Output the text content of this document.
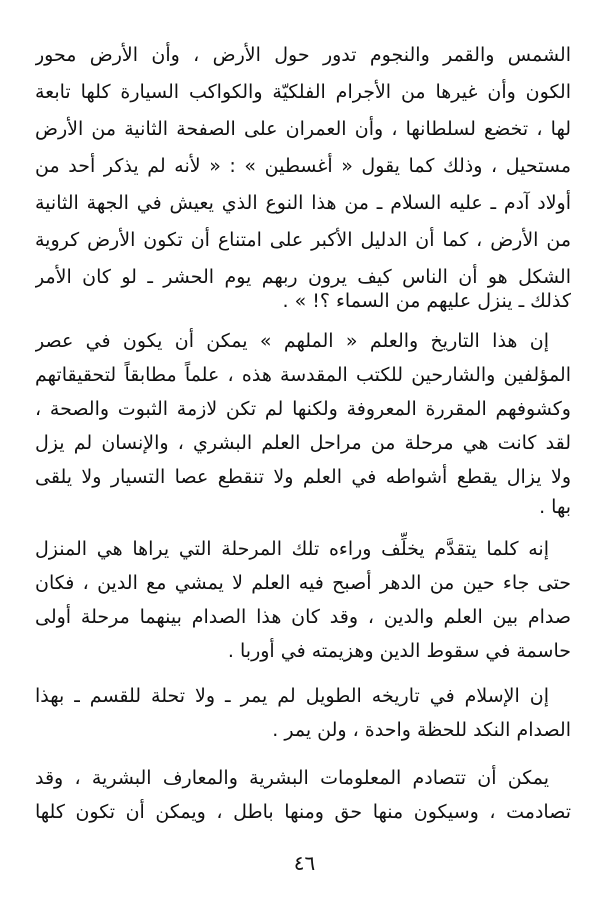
الشمس والقمر والنجوم تدور حول الأرض ، وأن الأرض محور
الكون وأن غيرها من الأجرام الفلكيّة والكواكب السيارة كلها تابعة
لها ، تخضع لسلطانها ، وأن العمران على الصفحة الثانية من الأرض
مستحيل ، وذلك كما يقول « أغسطين » : « لأنه لم يذكر أحد من
أولاد آدم ـ عليه السلام ـ من هذا النوع الذي يعيش في الجهة الثانية
من الأرض ، كما أن الدليل الأكبر على امتناع أن تكون الأرض كروية
الشكل هو أن الناس كيف يرون ربهم يوم الحشر ـ لو كان الأمر
كذلك ـ ينزل عليهم من السماء ؟! » .
إن هذا التاريخ والعلم « الملهم » يمكن أن يكون في عصر
المؤلفين والشارحين للكتب المقدسة هذه ، علماً مطابقاً لتحقيقاتهم
وكشوفهم المقررة المعروفة ولكنها لم تكن لازمة الثبوت والصحة ،
لقد كانت هي مرحلة من مراحل العلم البشري ، والإنسان لم يزل
ولا يزال يقطع أشواطه في العلم ولا تنقطع عصا التسيار ولا يلقى
بها .
إنه كلما يتقدَّم يخلِّف وراءه تلك المرحلة التي يراها هي المنزل
حتى جاء حين من الدهر أصبح فيه العلم لا يمشي مع الدين ، فكان
صدام بين العلم والدين ، وقد كان هذا الصدام بينهما مرحلة أولى
حاسمة في سقوط الدين وهزيمته في أوربا .
إن الإسلام في تاريخه الطويل لم يمر ـ ولا تحلة للقسم ـ بهذا
الصدام النكد للحظة واحدة ، ولن يمر .
يمكن أن تتصادم المعلومات البشرية والمعارف البشرية ، وقد
تصادمت ، وسيكون منها حق ومنها باطل ، ويمكن أن تكون كلها
٤٦
